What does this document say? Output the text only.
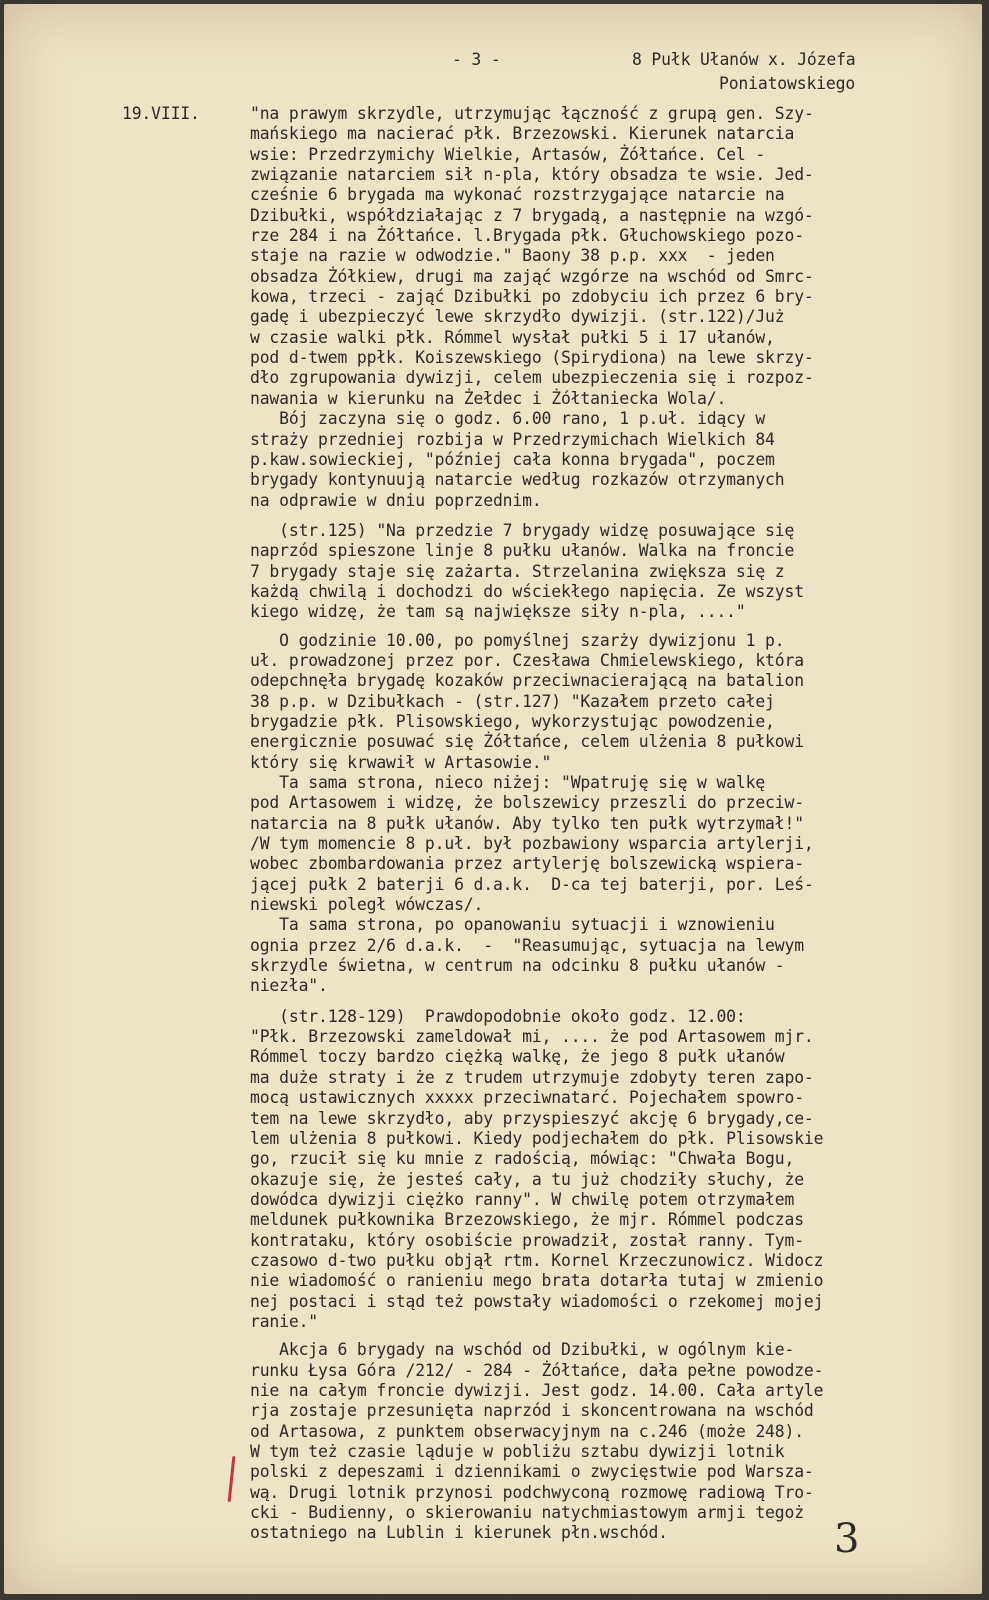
- 3 -	8 Pułk Ułanów x. Józefa
Poniatowskiego
19.VIII.	"na prawym skrzydle, utrzymując łączność z grupą gen. Szy-
mańskiego ma nacierać płk. Brzezowski. Kierunek natarcia
wsie: Przedrzymichy Wielkie, Artasów, Żółtańce. Cel -
związanie natarciem sił n-pla, który obsadza te wsie. Jed-
cześnie 6 brygada ma wykonać rozstrzygające natarcie na
Dzibułki, współdziałając z 7 brygadą, a następnie na wzgó-
rze 284 i na Żółtańce. l.Brygada płk. Głuchowskiego pozo-
staje na razie w odwodzie." Baony 38 p.p. xxx  - jeden
obsadza Żółkiew, drugi ma zająć wzgórze na wschód od Smrc-
kowa, trzeci - zająć Dzibułki po zdobyciu ich przez 6 bry-
gadę i ubezpieczyć lewe skrzydło dywizji. (str.122)/Już
w czasie walki płk. Rómmel wysłał pułki 5 i 17 ułanów,
pod d-twem ppłk. Koiszewskiego (Spirydiona) na lewe skrzy-
dło zgrupowania dywizji, celem ubezpieczenia się i rozpoz-
nawania w kierunku na Żełdec i Żółtaniecka Wola/.
Bój zaczyna się o godz. 6.00 rano, 1 p.uł. idący w
straży przedniej rozbija w Przedrzymichach Wielkich 84
p.kaw.sowieckiej, "później cała konna brygada", poczem
brygady kontynuują natarcie według rozkazów otrzymanych
na odprawie w dniu poprzednim.
(str.125) "Na przedzie 7 brygady widzę posuwające się
naprzód spieszone linje 8 pułku ułanów. Walka na froncie
7 brygady staje się zażarta. Strzelanina zwiększa się z
każdą chwilą i dochodzi do wściekłego napięcia. Ze wszyst
kiego widzę, że tam są największe siły n-pla, ...."
O godzinie 10.00, po pomyślnej szarży dywizjonu 1 p.
uł. prowadzonej przez por. Czesława Chmielewskiego, która
odepchnęła brygadę kozaków przeciwnacierającą na batalion
38 p.p. w Dzibułkach - (str.127) "Kazałem przeto całej
brygadzie płk. Plisowskiego, wykorzystując powodzenie,
energicznie posuwać się Żółtańce, celem ulżenia 8 pułkowi
który się krwawił w Artasowie."
Ta sama strona, nieco niżej: "Wpatruję się w walkę
pod Artasowem i widzę, że bolszewicy przeszli do przeciw-
natarcia na 8 pułk ułanów. Aby tylko ten pułk wytrzymał!"
/W tym momencie 8 p.uł. był pozbawiony wsparcia artylerji,
wobec zbombardowania przez artylerję bolszewicką wspiera-
jącej pułk 2 baterji 6 d.a.k.  D-ca tej baterji, por. Leś-
niewski poległ wówczas/.
Ta sama strona, po opanowaniu sytuacji i wznowieniu
ognia przez 2/6 d.a.k.  -  "Reasumując, sytuacja na lewym
skrzydle świetna, w centrum na odcinku 8 pułku ułanów -
niezła".
(str.128-129)  Prawdopodobnie około godz. 12.00:
"Płk. Brzezowski zameldował mi, .... że pod Artasowem mjr.
Rómmel toczy bardzo ciężką walkę, że jego 8 pułk ułanów
ma duże straty i że z trudem utrzymuje zdobyty teren zapo-
mocą ustawicznych xxxxx przeciwnatarć. Pojechałem spowro-
tem na lewe skrzydło, aby przyspieszyć akcję 6 brygady,ce-
lem ulżenia 8 pułkowi. Kiedy podjechałem do płk. Plisowskie
go, rzucił się ku mnie z radością, mówiąc: "Chwała Bogu,
okazuje się, że jesteś cały, a tu już chodziły słuchy, że
dowódca dywizji ciężko ranny". W chwilę potem otrzymałem
meldunek pułkownika Brzezowskiego, że mjr. Rómmel podczas
kontrataku, który osobiście prowadził, został ranny. Tym-
czasowo d-two pułku objął rtm. Kornel Krzeczunowicz. Widocz
nie wiadomość o ranieniu mego brata dotarła tutaj w zmienio
nej postaci i stąd też powstały wiadomości o rzekomej mojej
ranie."
Akcja 6 brygady na wschód od Dzibułki, w ogólnym kie-
runku Łysa Góra /212/ - 284 - Żółtańce, dała pełne powodze-
nie na całym froncie dywizji. Jest godz. 14.00. Cała artyle
rja zostaje przesunięta naprzód i skoncentrowana na wschód
od Artasowa, z punktem obserwacyjnym na c.246 (może 248).
W tym też czasie ląduje w pobliżu sztabu dywizji lotnik
polski z depeszami i dziennikami o zwycięstwie pod Warsza-
wą. Drugi lotnik przynosi podchwyconą rozmowę radiową Tro-
cki - Budienny, o skierowaniu natychmiastowym armji tegoż
ostatniego na Lublin i kierunek płn.wschód.	3
